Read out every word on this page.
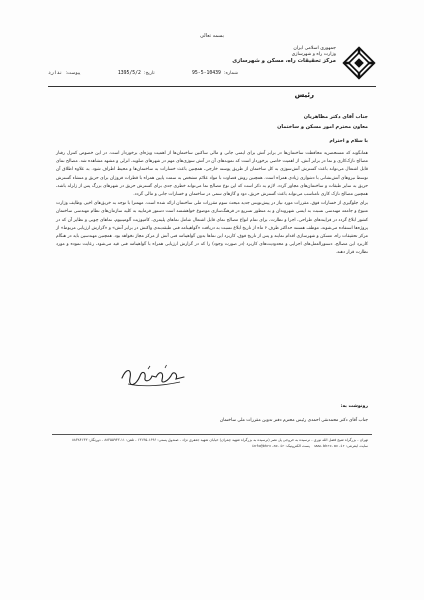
بسمه تعالی
جمهوری اسلامی ایران
وزارت راه و شهرسازی
مرکز تحقیقات راه، مسکن و شهرسازی
شماره:
95-5-10439
تاریخ:
1395/5/2
پیوست:
ندارد
رئیس
جناب آقای دکتر مظاهریان
معاون محترم امور مسکن و ساختمان
با سلام و احترام

همانگونه که مستحضرید محافظت ساختمان‌ها در برابر آتش برای ایمنی جانی و مالی ساکنین ساختمان‌ها از اهمیت ویژه‌ای برخوردار است. در این خصوص کنترل رفتار مصالح نازک‌کاری و نما در برابر آتش، از اهمیت خاصی برخوردار است که نمونه‌های آن در آتش سوزی‌های مهم در شهرهای صلوبه، انزلی و مشهد مشاهده شد. مصالح نمای قابل اشتعال می‌تواند باعث گسترش آتش‌سوزی به کل ساختمان از طریق پوسته خارجی، همچنین باعث خسارات به ساختمان‌ها و محیط اطراف شود. به علاوه اطلاق آن توسط نیروهای آتش‌نشانی با دشواری زیادی همراه است. همچنین روش قضاوت با مواد علائم مشخص به سمت پایین همراه با قطرات فروزان برای حریق و منشاء گسترش حریق به سایر طبقات و ساختمان‌های مجاور گردد. لازم به ذکر است که این نوع مصالح نما می‌تواند خطری جدی برای گسترش حریق در شهرهای بزرگ پس از زلزله باشد، همچنین مصالح نازک کاری نامناسب می‌تواند باعث گسترش حریق، دود و گازهای سمی در ساختمان و خسارات جانی و مالی گردد.

برای جلوگیری از خسارات فوق، مقررات مورد نیاز در پیش‌نویس جدید مبحث سوم مقررات ملی ساختمان ارائه شده است. مهمترا با توجه به خریق‌های اخیر، وظایف وزارت متبوع و جامعه مهندسی نسبت به ایمنی شهروندان و به منظور تسریع در فرهنگ‌سازی موضوع خواهشمند است دستور فرمایید به کلیه سازمان‌های نظام مهندسی ساختمان کشور ابلاغ گردد در فرایندهای طراحی، اجرا و نظارت، برای تمام انواع مصالح نمای قابل اشتعال شامل نماهای پلیمری، کامپوزیت آلومینیوم، نماهای چوبی و نظایر آن که در پروژه‌ها استفاده می‌شوند، موظف هستند حداکثر ظرف ۶ ماه از تاریخ ابلاغ نسبت به دریافت «گواهینامه فنی طبقه‌بندی واکنش در برابر آتش» و «گزارش ارزیابی مربوط» از مرکز تحقیقات راه، مسکن و شهرسازی اقدام نمایند و پس از تاریخ فوق، کاربرد این نماها بدون گواهینامه فنی آتش از مرکز مجاز نخواهد بود. همچنین مهندسین باید در هنگام کاربرد این مصالح، دستورالعمل‌های اجرایی و محدودیت‌های کاربرد (در صورت وجود) را که در گزارش ارزیابی همراه با گواهینامه فنی قید می‌شود، رعایت نموده و مورد نظارت قرار دهند.

رونوشت به:
جناب آقای دکتر محمدتقی احمدی رئیس محترم دفتر تدوین مقررات ملی ساختمان
تهران - بزرگراه شیخ فضل الله نوری - نرسیده به خروجی پل نصر (نرسیده به بزرگراه شهید چمران) خیابان شهید جعفری نژاد - صندوق پستی: ۱۶۹۶-۱۳۱۴۵ - تلفن: ۱۱-۸۸۲۵۵۹۴۲ - دورنگار: ۸۸۳۸۴۱۴۳
سایت اینترنتی: www.bhrc.ac.ir    پست الکترونیک: info@bhrc.ac.ir
